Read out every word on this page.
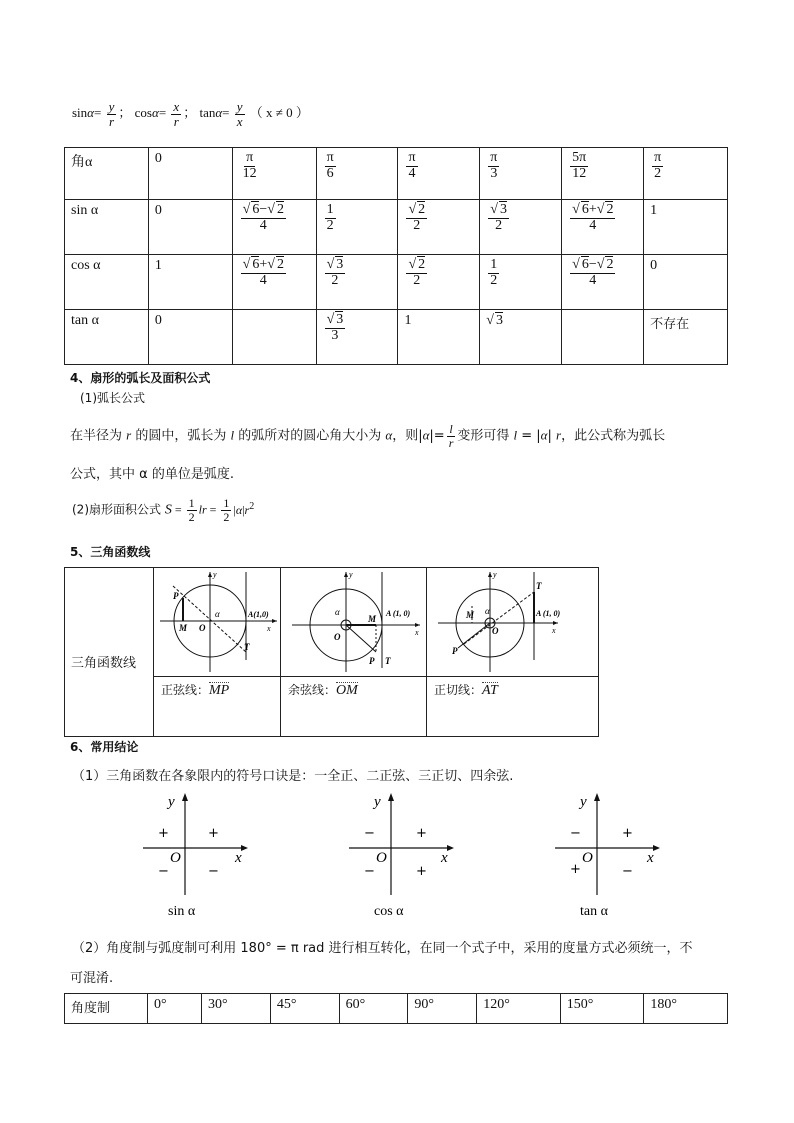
$\sin\alpha= \frac{y}{r}$ ； $\cos\alpha= \frac{x}{r}$ ； $\tan\alpha= \frac{y}{x}$ （ x ≠ 0 ）
角α	0	$\frac{\pi}{12}$	$\frac{\pi}{6}$	$\frac{\pi}{4}$	$\frac{\pi}{3}$	$\frac{5\pi}{12}$	$\frac{\pi}{2}$

sin α	0	$\frac{√ 6-√ 2}{4}$	$\frac{1}{2}$	$\frac{√ 2}{2}$	$\frac{√ 3}{2}$	$\frac{√ 6+√ 2}{4}$	1
cos α	1	$\frac{√ 6+√ 2}{4}$	$\frac{√ 3}{2}$	$\frac{√ 2}{2}$	$\frac{1}{2}$	$\frac{√ 6-√ 2}{4}$	0
tan α	0		$\frac{√ 3}{3}$	1	√ 3		不存在
4、扇形的弧长及面积公式
(1)弧长公式
在半径为 r 的圆中，弧长为 l 的弧所对的圆心角大小为 α，则$|\alpha|= \frac{l}{r}$ 变形可得 l = |α| r，此公式称为弧长
公式，其中 α 的单位是弧度.
(2)扇形面积公式 $S = \frac{1}{2}$ lr = $\frac{1}{2} |\alpha|r^2$
5、三角函数线
三角函数线
P
M O
α	A(1,0)
T
x
y
α
M
O
A (1, 0)
P T
x
y
α
M
O
A (1, 0)
T
P
x
y
正弦线：MP	余弦线：OM	正切线：AT
6、常用结论
（1）三角函数在各象限内的符号口诀是：一全正、二正弦、三正切、四余弦.
y
x
O
+
+
−	−
sin α
y
x
O
+
−
−	+
cos α
y
x
O
+
−
+	−
tan α
（2）角度制与弧度制可利用 180° = π rad 进行相互转化，在同一个式子中，采用的度量方式必须统一，不
可混淆.
角度制	0°	30°	45°	60°	90°	120°	150°	180°
